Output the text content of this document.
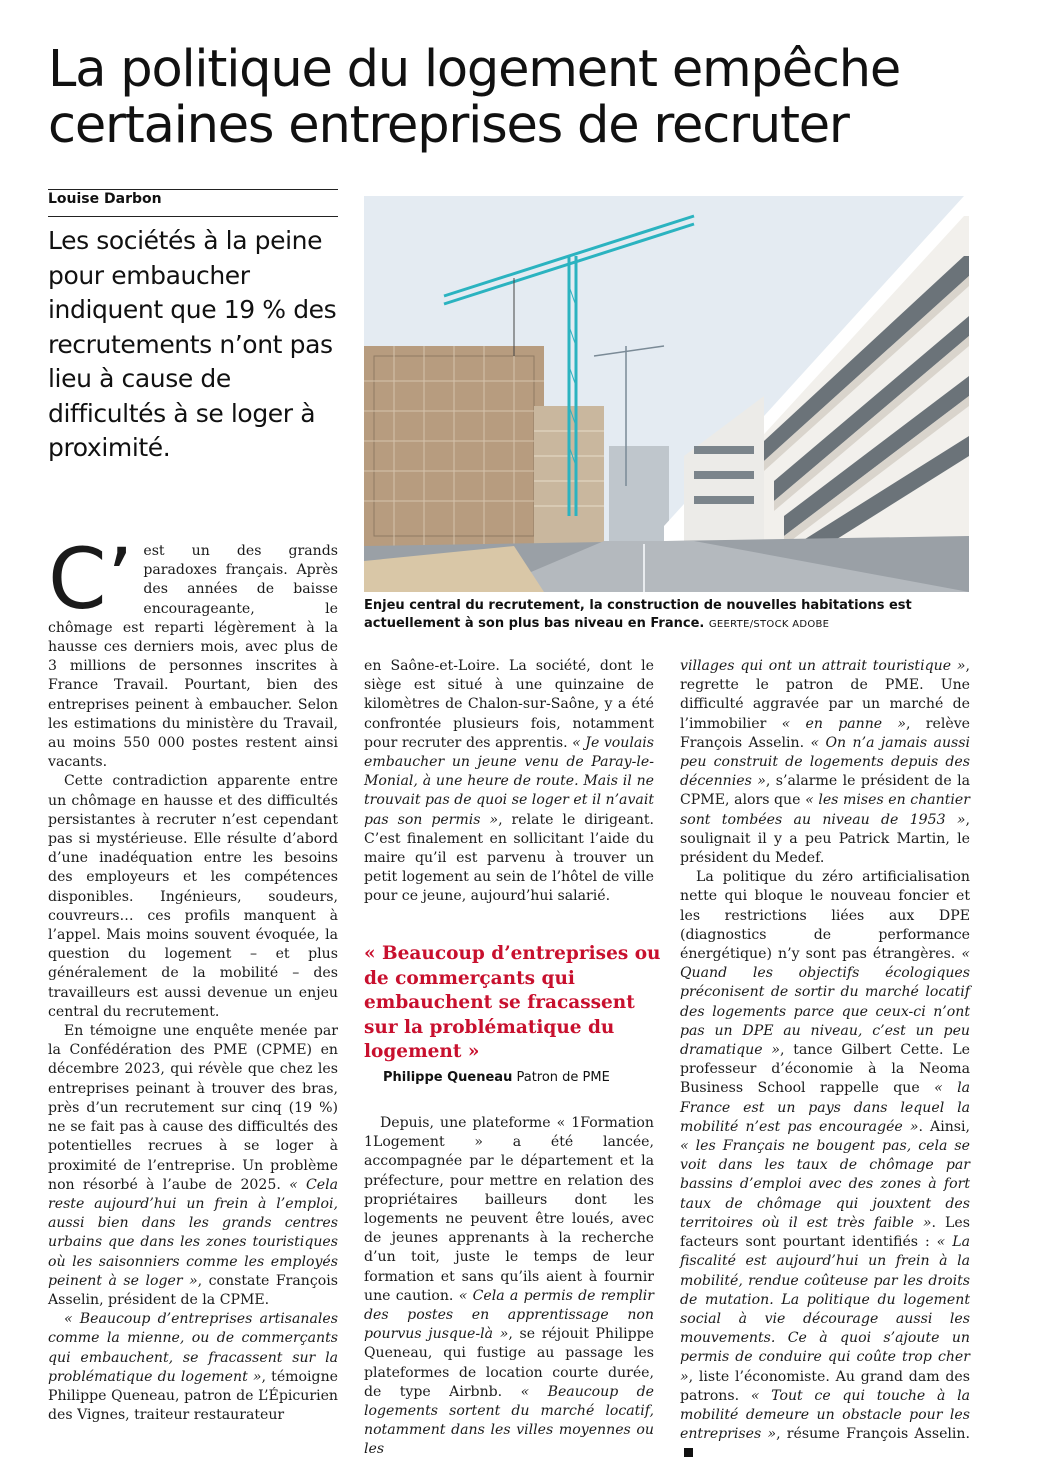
La politique du logement empêche certaines entreprises de recruter
Louise Darbon
Les sociétés à la peine pour embaucher indiquent que 19 % des recrutements n’ont pas lieu à cause de difficultés à se loger à proximité.
Enjeu central du recrutement, la construction de nouvelles habitations est actuellement à son plus bas niveau en France. GEERTE/STOCK ADOBE

C’ est un des grands paradoxes français. Après des années de baisse encourageante, le chômage est reparti légèrement à la hausse ces derniers mois, avec plus de 3 millions de personnes inscrites à France Travail. Pourtant, bien des entreprises peinent à embaucher. Selon les estimations du ministère du Travail, au moins 550 000 postes restent ainsi vacants.

Cette contradiction apparente entre un chômage en hausse et des difficultés persistantes à recruter n’est cependant pas si mystérieuse. Elle résulte d’abord d’une inadéquation entre les besoins des employeurs et les compétences disponibles. Ingénieurs, soudeurs, couvreurs… ces profils manquent à l’appel. Mais moins souvent évoquée, la question du logement – et plus généralement de la mobilité – des travailleurs est aussi devenue un enjeu central du recrutement.

En témoigne une enquête menée par la Confédération des PME (CPME) en décembre 2023, qui révèle que chez les entreprises peinant à trouver des bras, près d’un recrutement sur cinq (19 %) ne se fait pas à cause des difficultés des potentielles recrues à se loger à proximité de l’entreprise. Un problème non résorbé à l’aube de 2025. « Cela reste aujourd’hui un frein à l’emploi, aussi bien dans les grands centres urbains que dans les zones touristiques où les saisonniers comme les employés peinent à se loger », constate François Asselin, président de la CPME.

« Beaucoup d’entreprises artisanales comme la mienne, ou de commerçants qui embauchent, se fracassent sur la problématique du logement », témoigne Philippe Queneau, patron de L’Épicurien des Vignes, traiteur restaurateur

en Saône-et-Loire. La société, dont le siège est situé à une quinzaine de kilomètres de Chalon-sur-Saône, y a été confrontée plusieurs fois, notamment pour recruter des apprentis. « Je voulais embaucher un jeune venu de Paray-le-Monial, à une heure de route. Mais il ne trouvait pas de quoi se loger et il n’avait pas son permis », relate le dirigeant. C’est finalement en sollicitant l’aide du maire qu’il est parvenu à trouver un petit logement au sein de l’hôtel de ville pour ce jeune, aujourd’hui salarié.

« Beaucoup d’entreprises ou de commerçants qui embauchent se fracassent sur la problématique du logement »
Philippe Queneau Patron de PME

Depuis, une plateforme « 1Formation 1Logement » a été lancée, accompagnée par le département et la préfecture, pour mettre en relation des propriétaires bailleurs dont les logements ne peuvent être loués, avec de jeunes apprenants à la recherche d’un toit, juste le temps de leur formation et sans qu’ils aient à fournir une caution. « Cela a permis de remplir des postes en apprentissage non pourvus jusque-là », se réjouit Philippe Queneau, qui fustige au passage les plateformes de location courte durée, de type Airbnb. « Beaucoup de logements sortent du marché locatif, notamment dans les villes moyennes ou les

villages qui ont un attrait touristique », regrette le patron de PME. Une difficulté aggravée par un marché de l’immobilier « en panne », relève François Asselin. « On n’a jamais aussi peu construit de logements depuis des décennies », s’alarme le président de la CPME, alors que « les mises en chantier sont tombées au niveau de 1953 », soulignait il y a peu Patrick Martin, le président du Medef.

La politique du zéro artificialisation nette qui bloque le nouveau foncier et les restrictions liées aux DPE (diagnostics de performance énergétique) n’y sont pas étrangères. « Quand les objectifs écologiques préconisent de sortir du marché locatif des logements parce que ceux-ci n’ont pas un DPE au niveau, c’est un peu dramatique », tance Gilbert Cette. Le professeur d’économie à la Neoma Business School rappelle que « la France est un pays dans lequel la mobilité n’est pas encouragée ». Ainsi, « les Français ne bougent pas, cela se voit dans les taux de chômage par bassins d’emploi avec des zones à fort taux de chômage qui jouxtent des territoires où il est très faible ». Les facteurs sont pourtant identifiés : « La fiscalité est aujourd’hui un frein à la mobilité, rendue coûteuse par les droits de mutation. La politique du logement social à vie décourage aussi les mouvements. Ce à quoi s’ajoute un permis de conduire qui coûte trop cher », liste l’économiste. Au grand dam des patrons. « Tout ce qui touche à la mobilité demeure un obstacle pour les entreprises », résume François Asselin.
